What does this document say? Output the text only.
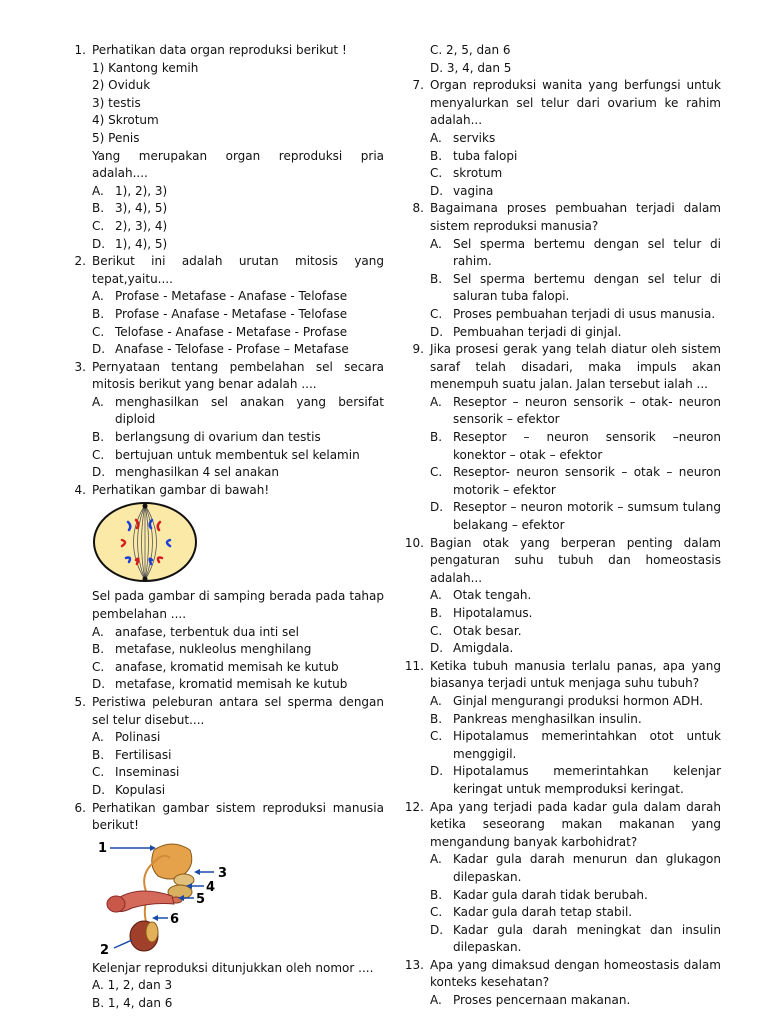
1. Perhatikan data organ reproduksi berikut !
1) Kantong kemih
2) Oviduk
3) testis
4) Skrotum
5) Penis
Yang merupakan organ reproduksi pria adalah....
A. 1), 2), 3)
B. 3), 4), 5)
C. 2), 3), 4)
D. 1), 4), 5)
2. Berikut ini adalah urutan mitosis yang
tepat,yaitu....
A. Profase - Metafase - Anafase - Telofase
B. Profase - Anafase - Metafase - Telofase
C. Telofase - Anafase - Metafase - Profase
D. Anafase - Telofase - Profase – Metafase
3. Pernyataan tentang pembelahan sel secara mitosis berikut yang benar adalah ....
A. menghasilkan sel anakan yang bersifat diploid
B. berlangsung di ovarium dan testis
C. bertujuan untuk membentuk sel kelamin
D. menghasilkan 4 sel anakan
4. Perhatikan gambar di bawah!
Sel pada gambar di samping berada pada tahap pembelahan ....
A. anafase, terbentuk dua inti sel
B. metafase, nukleolus menghilang
C. anafase, kromatid memisah ke kutub
D. metafase, kromatid memisah ke kutub
5. Peristiwa peleburan antara sel sperma dengan sel telur disebut....
A. Polinasi
B. Fertilisasi
C. Inseminasi
D. Kopulasi
6. Perhatikan gambar sistem reproduksi manusia berikut!
1
2
3
4
5
6
Kelenjar reproduksi ditunjukkan oleh nomor ....
A. 1, 2, dan 3
B. 1, 4, dan 6
C. 2, 5, dan 6
D. 3, 4, dan 5
7. Organ reproduksi wanita yang berfungsi untuk menyalurkan sel telur dari ovarium ke rahim adalah...
A. serviks
B. tuba falopi
C. skrotum
D. vagina
8. Bagaimana proses pembuahan terjadi dalam sistem reproduksi manusia?
A. Sel sperma bertemu dengan sel telur di rahim.
B. Sel sperma bertemu dengan sel telur di saluran tuba falopi.
C. Proses pembuahan terjadi di usus manusia.
D. Pembuahan terjadi di ginjal.
9. Jika prosesi gerak yang telah diatur oleh sistem saraf telah disadari, maka impuls akan menempuh suatu jalan. Jalan tersebut ialah ...
A. Reseptor – neuron sensorik – otak- neuron sensorik – efektor
B. Reseptor – neuron sensorik –neuron konektor – otak – efektor
C. Reseptor- neuron sensorik – otak – neuron motorik – efektor
D. Reseptor – neuron motorik – sumsum tulang belakang – efektor
10. Bagian otak yang berperan penting dalam pengaturan suhu tubuh dan homeostasis adalah...
A. Otak tengah.
B. Hipotalamus.
C. Otak besar.
D. Amigdala.
11. Ketika tubuh manusia terlalu panas, apa yang biasanya terjadi untuk menjaga suhu tubuh?
A. Ginjal mengurangi produksi hormon ADH.
B. Pankreas menghasilkan insulin.
C. Hipotalamus memerintahkan otot untuk menggigil.
D. Hipotalamus memerintahkan kelenjar keringat untuk memproduksi keringat.
12. Apa yang terjadi pada kadar gula dalam darah ketika seseorang makan makanan yang mengandung banyak karbohidrat?
A. Kadar gula darah menurun dan glukagon dilepaskan.
B. Kadar gula darah tidak berubah.
C. Kadar gula darah tetap stabil.
D. Kadar gula darah meningkat dan insulin dilepaskan.
13. Apa yang dimaksud dengan homeostasis dalam konteks kesehatan?
A. Proses pencernaan makanan.
